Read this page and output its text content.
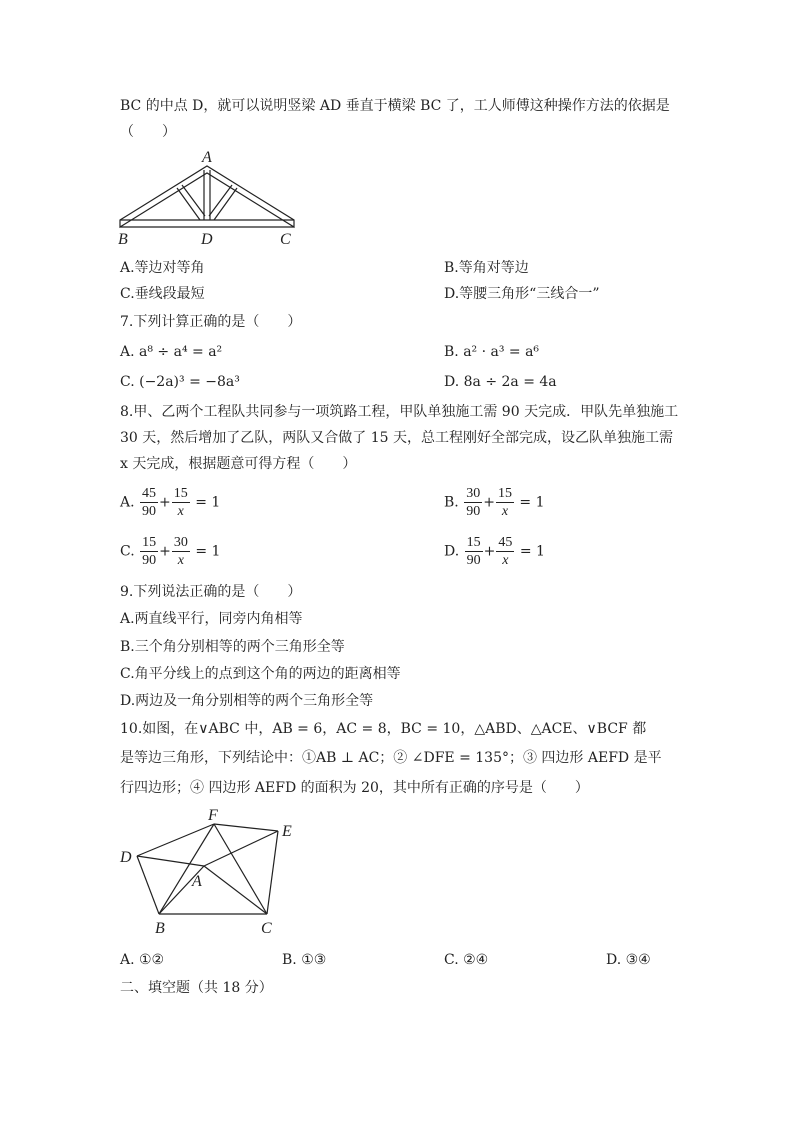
BC 的中点 D，就可以说明竖梁 AD 垂直于横梁 BC 了，工人师傅这种操作方法的依据是
（　　）
A
B	D	C
A.等边对等角	B.等角对等边
C.垂线段最短	D.等腰三角形“三线合一”
7.下列计算正确的是（　　）
A. a⁸ ÷ a⁴ = a²	B. a² · a³ = a⁶
C. (−2a)³ = −8a³	D. 8a ÷ 2a = 4a
8.甲、乙两个工程队共同参与一项筑路工程，甲队单独施工需 90 天完成．甲队先单独施工
30 天，然后增加了乙队，两队又合做了 15 天，总工程刚好全部完成，设乙队单独施工需
x 天完成，根据题意可得方程（　　）
A. $\frac{45}{90} + \frac{15}{x} = 1$	B. $\frac{30}{90} + \frac{15}{x} = 1$
C. $\frac{15}{90} + \frac{30}{x} = 1$	D. $\frac{15}{90} + \frac{45}{x} = 1$
9.下列说法正确的是（　　）
A.两直线平行，同旁内角相等
B.三个角分别相等的两个三角形全等
C.角平分线上的点到这个角的两边的距离相等
D.两边及一角分别相等的两个三角形全等
10.如图，在∨ABC 中，AB = 6，AC = 8，BC = 10，△ABD、△ACE、∨BCF 都
是等边三角形，下列结论中：①AB ⊥ AC；② ∠DFE = 135°；③ 四边形 AEFD 是平
行四边形；④ 四边形 AEFD 的面积为 20，其中所有正确的序号是（　　）
F
E
D
A
B	C
A. ①②	B. ①③	C. ②④	D. ③④
二、填空题（共 18 分）
